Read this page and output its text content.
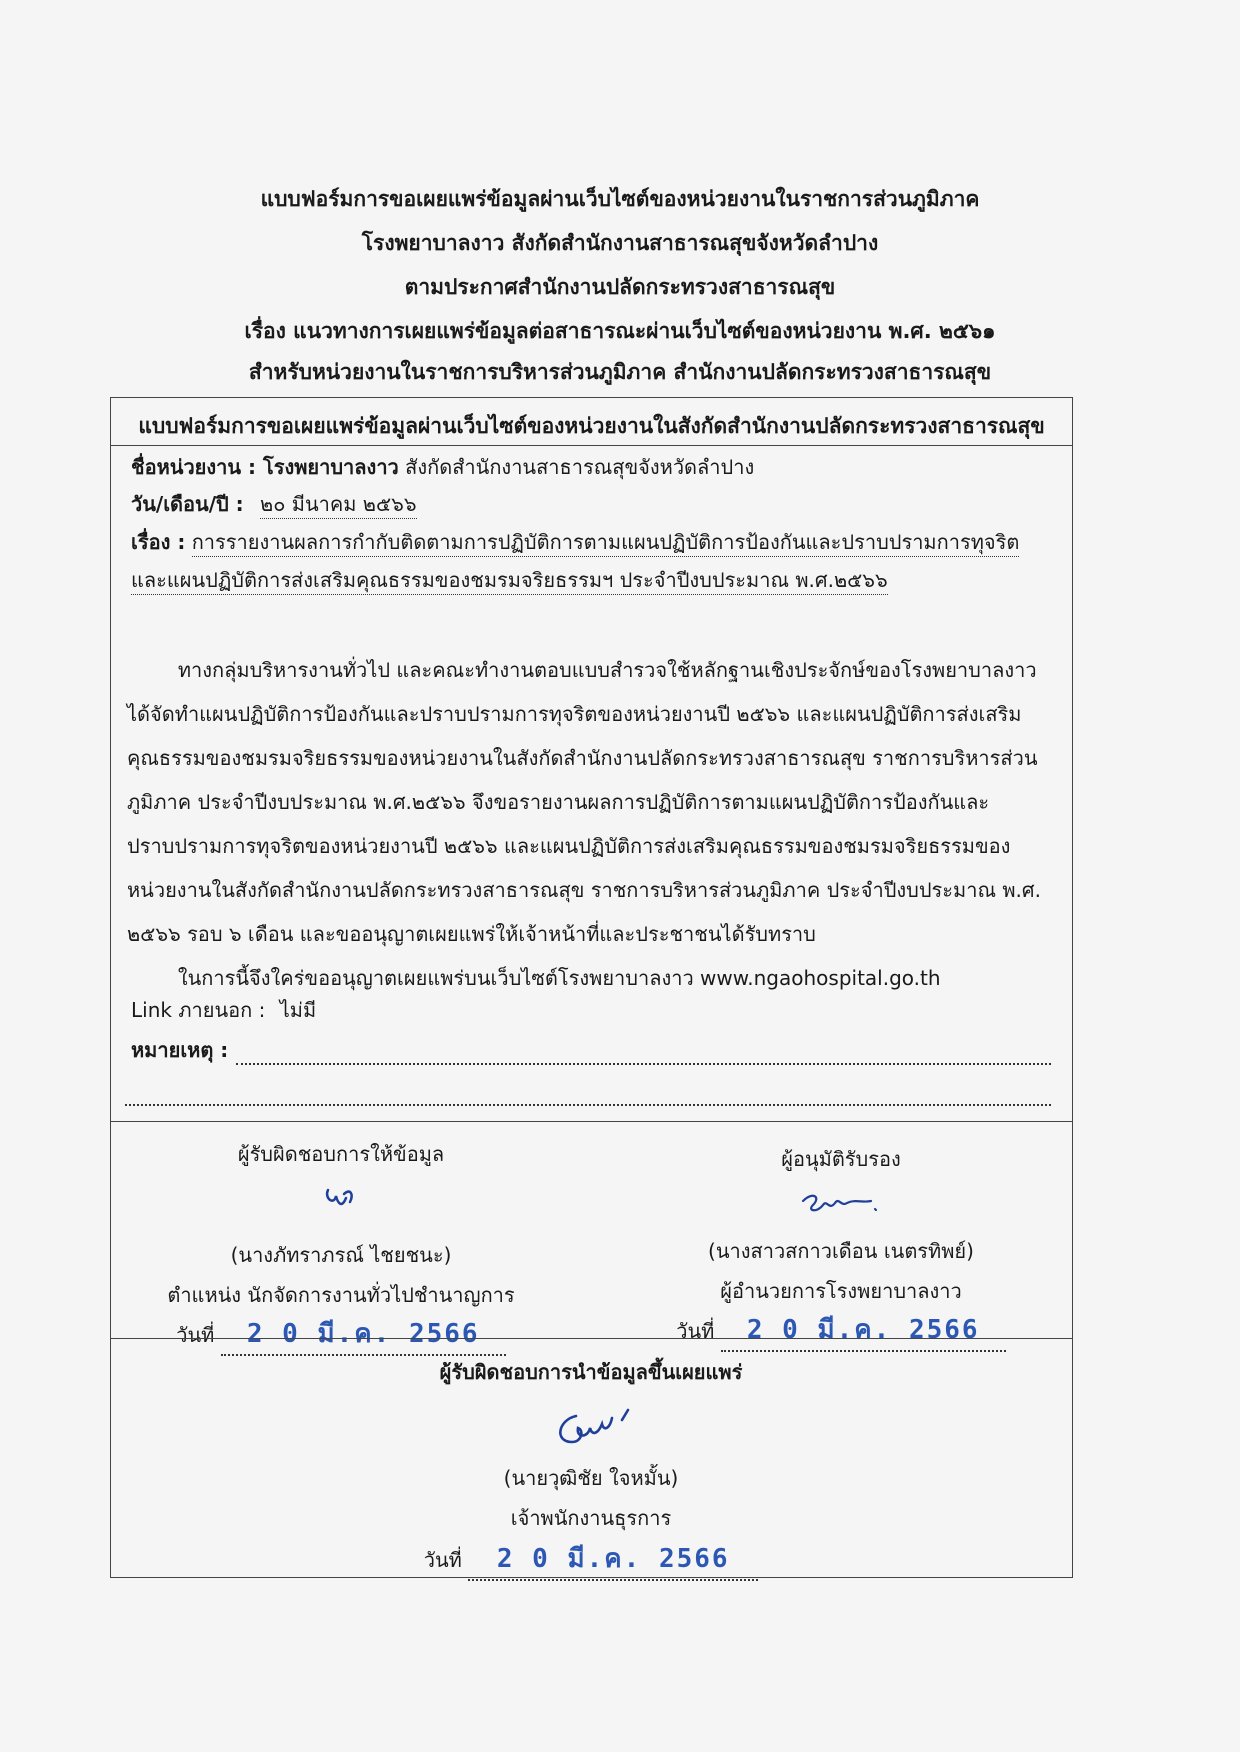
แบบฟอร์มการขอเผยแพร่ข้อมูลผ่านเว็บไซต์ของหน่วยงานในราชการส่วนภูมิภาค
โรงพยาบาลงาว สังกัดสำนักงานสาธารณสุขจังหวัดลำปาง
ตามประกาศสำนักงานปลัดกระทรวงสาธารณสุข
เรื่อง แนวทางการเผยแพร่ข้อมูลต่อสาธารณะผ่านเว็บไซต์ของหน่วยงาน พ.ศ. ๒๕๖๑
สำหรับหน่วยงานในราชการบริหารส่วนภูมิภาค สำนักงานปลัดกระทรวงสาธารณสุข
แบบฟอร์มการขอเผยแพร่ข้อมูลผ่านเว็บไซต์ของหน่วยงานในสังกัดสำนักงานปลัดกระทรวงสาธารณสุข
ชื่อหน่วยงาน : โรงพยาบาลงาว สังกัดสำนักงานสาธารณสุขจังหวัดลำปาง
วัน/เดือน/ปี : ๒๐ มีนาคม ๒๕๖๖
เรื่อง : การรายงานผลการกำกับติดตามการปฏิบัติการตามแผนปฏิบัติการป้องกันและปราบปรามการทุจริต
และแผนปฏิบัติการส่งเสริมคุณธรรมของชมรมจริยธรรมฯ ประจำปีงบประมาณ พ.ศ.๒๕๖๖
ทางกลุ่มบริหารงานทั่วไป และคณะทำงานตอบแบบสำรวจใช้หลักฐานเชิงประจักษ์ของโรงพยาบาลงาว
ได้จัดทำแผนปฏิบัติการป้องกันและปราบปรามการทุจริตของหน่วยงานปี ๒๕๖๖ และแผนปฏิบัติการส่งเสริม
คุณธรรมของชมรมจริยธรรมของหน่วยงานในสังกัดสำนักงานปลัดกระทรวงสาธารณสุข ราชการบริหารส่วน
ภูมิภาค ประจำปีงบประมาณ พ.ศ.๒๕๖๖ จึงขอรายงานผลการปฏิบัติการตามแผนปฏิบัติการป้องกันและ
ปราบปรามการทุจริตของหน่วยงานปี ๒๕๖๖ และแผนปฏิบัติการส่งเสริมคุณธรรมของชมรมจริยธรรมของ
หน่วยงานในสังกัดสำนักงานปลัดกระทรวงสาธารณสุข ราชการบริหารส่วนภูมิภาค ประจำปีงบประมาณ พ.ศ.
๒๕๖๖ รอบ ๖ เดือน และขออนุญาตเผยแพร่ให้เจ้าหน้าที่และประชาชนได้รับทราบ
ในการนี้จึงใคร่ขออนุญาตเผยแพร่บนเว็บไซต์โรงพยาบาลงาว www.ngaohospital.go.th
Link ภายนอก : ไม่มี
หมายเหตุ :
ผู้รับผิดชอบการให้ข้อมูล
(นางภัทราภรณ์ ไชยชนะ)
ตำแหน่ง นักจัดการงานทั่วไปชำนาญการ
วันที่ 2 0 มี.ค. 2566
ผู้อนุมัติรับรอง
(นางสาวสกาวเดือน เนตรทิพย์)
ผู้อำนวยการโรงพยาบาลงาว
วันที่ 2 0 มี.ค. 2566
ผู้รับผิดชอบการนำข้อมูลขึ้นเผยแพร่
(นายวุฒิชัย ใจหมั้น)
เจ้าพนักงานธุรการ
วันที่ 2 0 มี.ค. 2566
